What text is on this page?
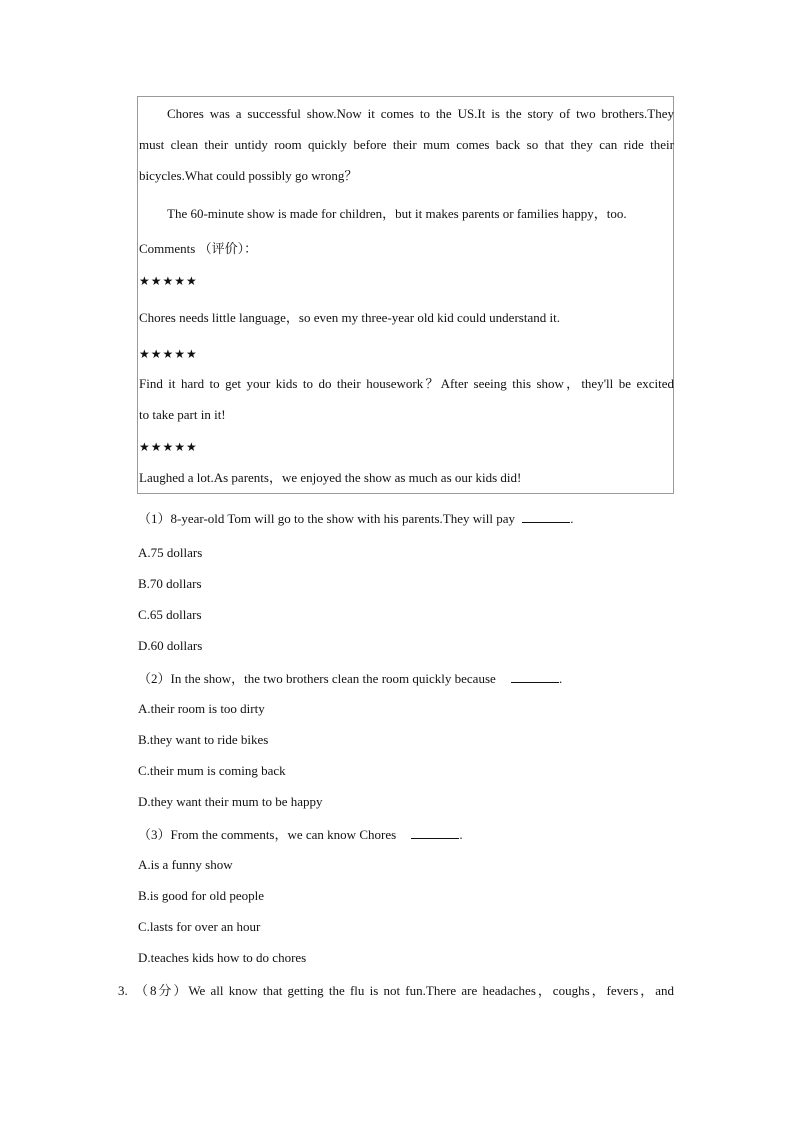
Chores was a successful show.Now it comes to the US.It is the story of two brothers.They
must clean their untidy room quickly before their mum comes back so that they can ride their
bicycles.What could possibly go wrong？
The 60-minute show is made for children，but it makes parents or families happy，too.
Comments （评价）：
★★★★★
Chores needs little language，so even my three-year old kid could understand it.
★★★★★
Find it hard to get your kids to do their housework？After seeing this show，they'll be excited
to take part in it!
★★★★★
Laughed a lot.As parents，we enjoyed the show as much as our kids did!
（1）8-year-old Tom will go to the show with his parents.They will pay	.
A.75 dollars
B.70 dollars
C.65 dollars
D.60 dollars
（2）In the show，the two brothers clean the room quickly because	.
A.their room is too dirty
B.they want to ride bikes
C.their mum is coming back
D.they want their mum to be happy
（3）From the comments，we can know Chores	.
A.is a funny show
B.is good for old people
C.lasts for over an hour
D.teaches kids how to do chores
3. （8分）We all know that getting the flu is not fun.There are headaches，coughs，fevers，and
